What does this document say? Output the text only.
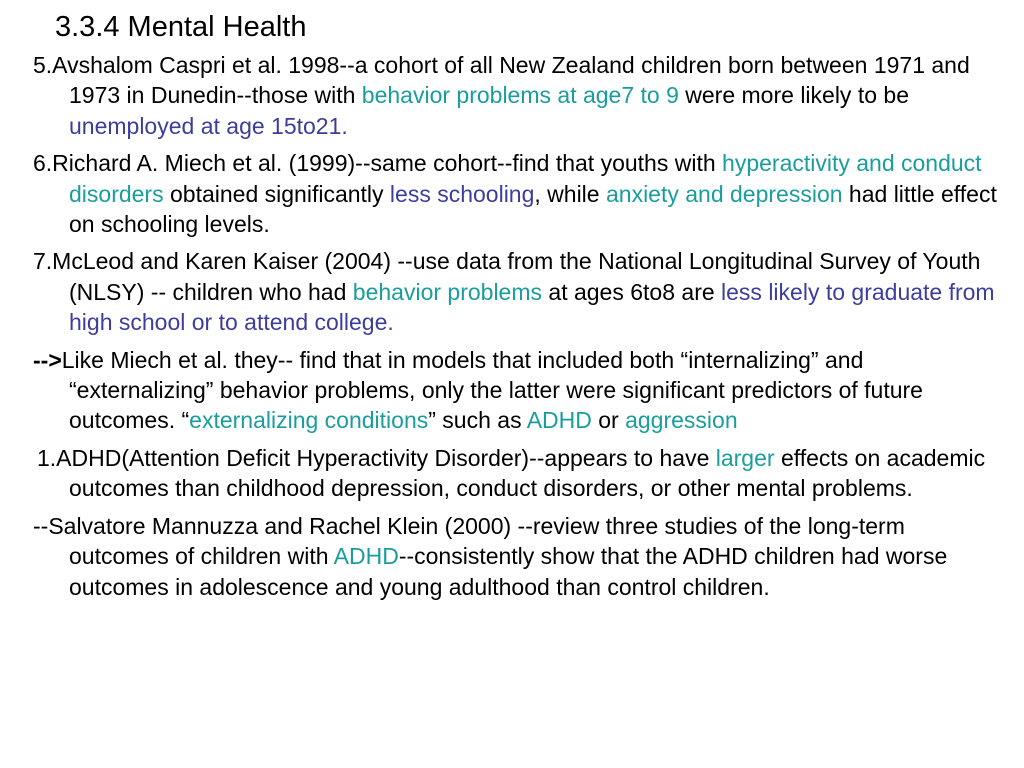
3.3.4 Mental Health

5.Avshalom Caspri et al. 1998--a cohort of all New Zealand children born between 1971 and 1973 in Dunedin--those with behavior problems at age7 to 9 were more likely to be unemployed at age 15to21.

6.Richard A. Miech et al. (1999)--same cohort--find that youths with hyperactivity and conduct disorders obtained significantly less schooling, while anxiety and depression had little effect on schooling levels.

7.McLeod and Karen Kaiser (2004) --use data from the National Longitudinal Survey of Youth (NLSY) -- children who had behavior problems at ages 6to8 are less likely to graduate from high school or to attend college.

-->Like Miech et al. they-- find that in models that included both “internalizing” and “externalizing” behavior problems, only the latter were significant predictors of future outcomes. “externalizing conditions” such as ADHD or aggression

1.ADHD(Attention Deficit Hyperactivity Disorder)--appears to have larger effects on academic outcomes than childhood depression, conduct disorders, or other mental problems.

--Salvatore Mannuzza and Rachel Klein (2000) --review three studies of the long-term outcomes of children with ADHD--consistently show that the ADHD children had worse outcomes in adolescence and young adulthood than control children.
